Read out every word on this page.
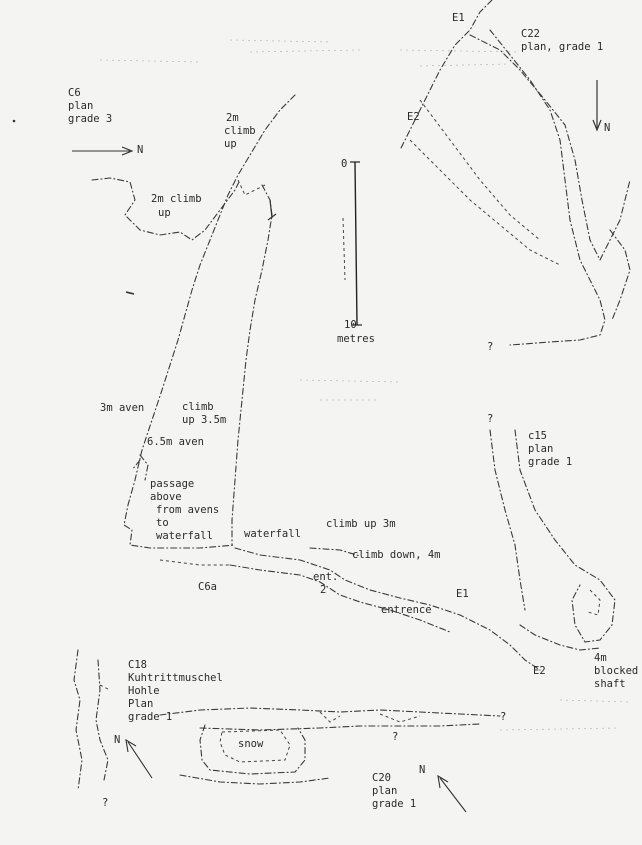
E1
C22
plan, grade 1
E2
N
C6
plan
grade 3
N
2m
climb
up
2m climb
up
0
10
metres
?
3m aven	climb
up 3.5m
6.5m aven
?
c15
plan
grade 1
passage
above
from avens
to
waterfall	waterfall
climb up 3m
climb down, 4m
C6a
ent.
2	E1
entrence
4m
blocked
shaft
E2
C18
Kuhtrittmuschel
Hohle
Plan
grade 1
N	snow
?
?
?
C20
plan
grade 1
N
